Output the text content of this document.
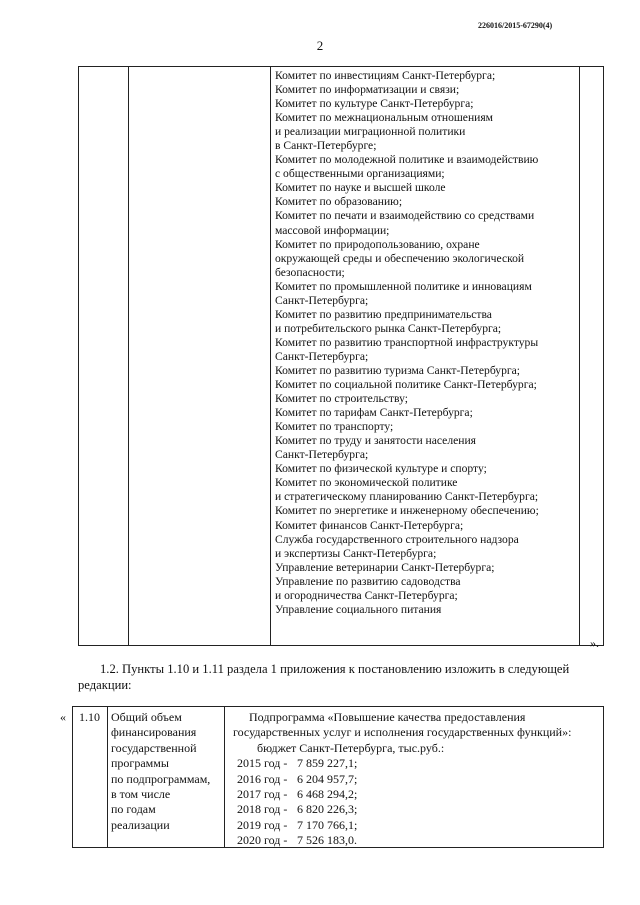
226016/2015-67290(4)
2
Комитет по инвестициям Санкт-Петербурга;
Комитет по информатизации и связи;
Комитет по культуре Санкт-Петербурга;
Комитет по межнациональным отношениям
и реализации миграционной политики
в Санкт-Петербурге;
Комитет по молодежной политике и взаимодействию
с общественными организациями;
Комитет по науке и высшей школе
Комитет по образованию;
Комитет по печати и взаимодействию со средствами
массовой информации;
Комитет по природопользованию, охране
окружающей среды и обеспечению экологической
безопасности;
Комитет по промышленной политике и инновациям
Санкт-Петербурга;
Комитет по развитию предпринимательства
и потребительского рынка Санкт-Петербурга;
Комитет по развитию транспортной инфраструктуры
Санкт-Петербурга;
Комитет по развитию туризма Санкт-Петербурга;
Комитет по социальной политике Санкт-Петербурга;
Комитет по строительству;
Комитет по тарифам Санкт-Петербурга;
Комитет по транспорту;
Комитет по труду и занятости населения
Санкт-Петербурга;
Комитет по физической культуре и спорту;
Комитет по экономической политике
и стратегическому планированию Санкт-Петербурга;
Комитет по энергетике и инженерному обеспечению;
Комитет финансов Санкт-Петербурга;
Служба государственного строительного надзора
и экспертизы Санкт-Петербурга;
Управление ветеринарии Санкт-Петербурга;
Управление по развитию садоводства
и огородничества Санкт-Петербурга;
Управление социального питания
».

1.2. Пункты 1.10 и 1.11 раздела 1 приложения к постановлению изложить в следующей редакции:

« 1.10 Общий объем
финансирования
государственной
программы
по подпрограммам,
в том числе
по годам
реализации
Подпрограмма «Повышение качества предоставления
государственных услуг и исполнения государственных функций»:
бюджет Санкт-Петербурга, тыс.руб.:
2015 год - 7 859 227,1;
2016 год - 6 204 957,7;
2017 год - 6 468 294,2;
2018 год - 6 820 226,3;
2019 год - 7 170 766,1;
2020 год - 7 526 183,0.
